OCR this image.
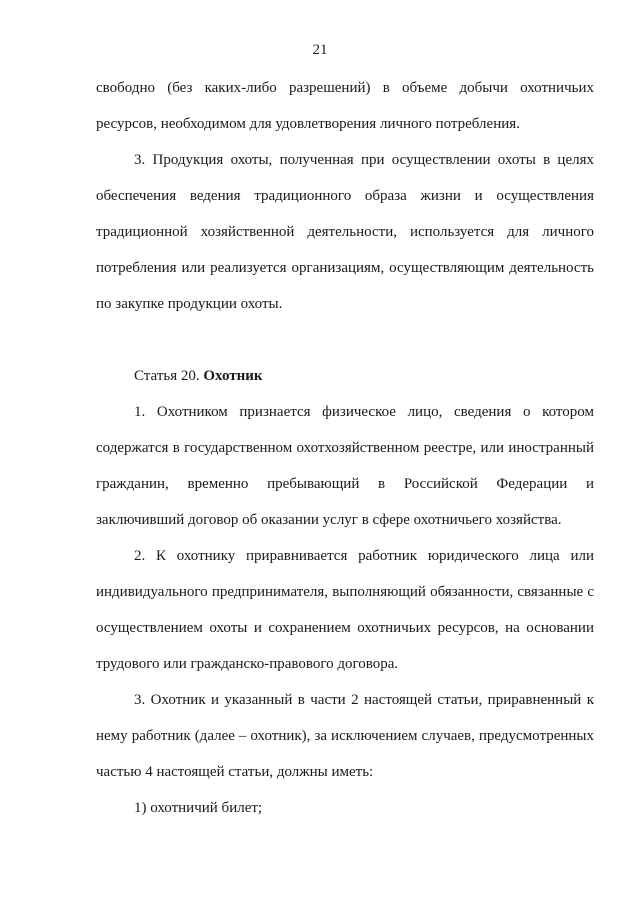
21

свободно (без каких-либо разрешений) в объеме добычи охотничьих ресурсов, необходимом для удовлетворения личного потребления.

3. Продукция охоты, полученная при осуществлении охоты в целях обеспечения ведения традиционного образа жизни и осуществления традиционной хозяйственной деятельности, используется для личного потребления или реализуется организациям, осуществляющим деятельность по закупке продукции охоты.

Статья 20. Охотник

1. Охотником признается физическое лицо, сведения о котором содержатся в государственном охотхозяйственном реестре, или иностранный гражданин, временно пребывающий в Российской Федерации и заключивший договор об оказании услуг в сфере охотничьего хозяйства.

2. К охотнику приравнивается работник юридического лица или индивидуального предпринимателя, выполняющий обязанности, связанные с осуществлением охоты и сохранением охотничьих ресурсов, на основании трудового или гражданско-правового договора.

3. Охотник и указанный в части 2 настоящей статьи, приравненный к нему работник (далее – охотник), за исключением случаев, предусмотренных частью 4 настоящей статьи, должны иметь:

1) охотничий билет;
